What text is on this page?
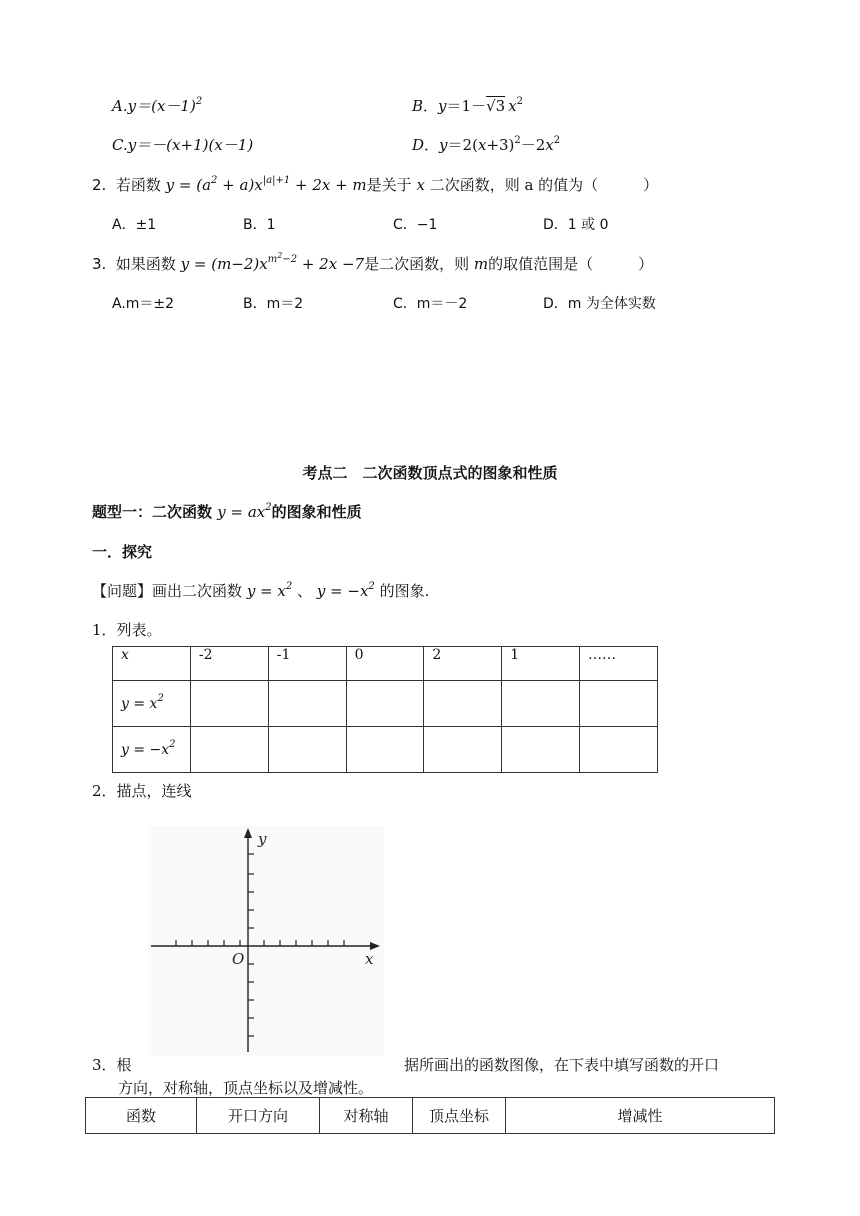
$A.y=(x-1)^2$	B．y＝1－√3  $x^2$
C.y＝－(x+1)(x－1)	D．$y=2(x+3)^2-2x^2$
2. 若函数 $y = (a^2 + a)x^{|a|+1} + 2x + m$是关于 x 二次函数，则 a 的值为（　　　）
A．±1	B．1	C．−1	D．1 或 0
3. 如果函数 $y = (m-2)x^{m^2-2} + 2x -7$是二次函数，则 m的取值范围是（　　　）
A.m＝±2	B．m＝2	C．m＝－2	D．m 为全体实数
考点二　二次函数顶点式的图象和性质
题型一：二次函数 $y = ax^2$的图象和性质
一．探究
【问题】画出二次函数 $y = x^2$ 、 $y = -x^2$ 的图象.
1．列表。
x	-2	-1	0	2	1	……
$y = x^2$						
$y = -x^2$						
2．描点，连线
y
x
O
3．根	据所画出的函数图像，在下表中填写函数的开口
方向，对称轴，顶点坐标以及增减性。
函数	开口方向	对称轴	顶点坐标	增减性
